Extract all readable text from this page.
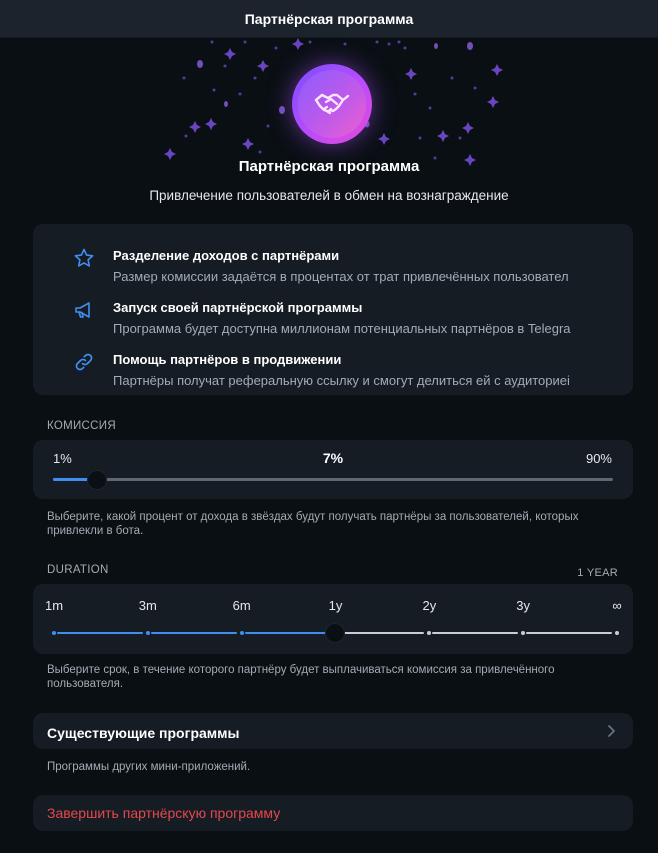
Партнёрская программа
Партнёрская программа
Привлечение пользователей в обмен на вознаграждение
Разделение доходов с партнёрами
Размер комиссии задаётся в процентах от трат привлечённых пользовател
Запуск своей партнёрской программы
Программа будет доступна миллионам потенциальных партнёров в Telegra
Помощь партнёров в продвижении
Партнёры получат реферальную ссылку и смогут делиться ей с аудиториеі
КОМИССИЯ
1%	7%	90%
Выберите, какой процент от дохода в звёздах будут получать партнёры за пользователей, которых привлекли в бота.
DURATION	1 YEAR
1m	3m	6m	1y	2y	3y	∞
Выберите срок, в течение которого партнёру будет выплачиваться комиссия за привлечённого пользователя.
Существующие программы
Программы других мини-приложений.
Завершить партнёрскую программу
